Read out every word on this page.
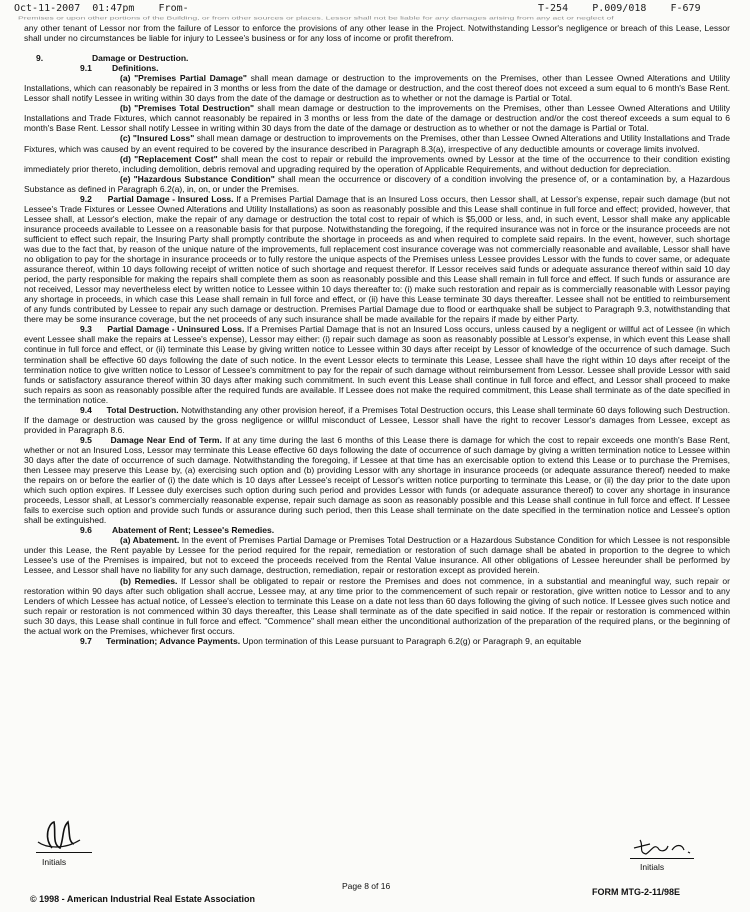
Oct-11-2007 01:47pm From-	T-254 P.009/018 F-679
Premises or upon other portions of the Building, or from other sources or places. Lessor shall not be liable for any damages arising from any act or neglect of

any other tenant of Lessor nor from the failure of Lessor to enforce the provisions of any other lease in the Project. Notwithstanding Lessor's negligence or breach of this Lease, Lessor shall under no circumstances be liable for injury to Lessee's business or for any loss of income or profit therefrom.

9.	Damage or Destruction.

9.1 Definitions.

(a) "Premises Partial Damage" shall mean damage or destruction to the improvements on the Premises, other than Lessee Owned Alterations and Utility Installations, which can reasonably be repaired in 3 months or less from the date of the damage or destruction, and the cost thereof does not exceed a sum equal to 6 month's Base Rent. Lessor shall notify Lessee in writing within 30 days from the date of the damage or destruction as to whether or not the damage is Partial or Total.

(b) "Premises Total Destruction" shall mean damage or destruction to the improvements on the Premises, other than Lessee Owned Alterations and Utility Installations and Trade Fixtures, which cannot reasonably be repaired in 3 months or less from the date of the damage or destruction and/or the cost thereof exceeds a sum equal to 6 month's Base Rent. Lessor shall notify Lessee in writing within 30 days from the date of the damage or destruction as to whether or not the damage is Partial or Total.

(c) "Insured Loss" shall mean damage or destruction to improvements on the Premises, other than Lessee Owned Alterations and Utility Installations and Trade Fixtures, which was caused by an event required to be covered by the insurance described in Paragraph 8.3(a), irrespective of any deductible amounts or coverage limits involved.

(d) "Replacement Cost" shall mean the cost to repair or rebuild the improvements owned by Lessor at the time of the occurrence to their condition existing immediately prior thereto, including demolition, debris removal and upgrading required by the operation of Applicable Requirements, and without deduction for depreciation.

(e) "Hazardous Substance Condition" shall mean the occurrence or discovery of a condition involving the presence of, or a contamination by, a Hazardous Substance as defined in Paragraph 6.2(a), in, on, or under the Premises.

9.2 Partial Damage - Insured Loss. If a Premises Partial Damage that is an Insured Loss occurs, then Lessor shall, at Lessor's expense, repair such damage (but not Lessee's Trade Fixtures or Lessee Owned Alterations and Utility Installations) as soon as reasonably possible and this Lease shall continue in full force and effect; provided, however, that Lessee shall, at Lessor's election, make the repair of any damage or destruction the total cost to repair of which is $5,000 or less, and, in such event, Lessor shall make any applicable insurance proceeds available to Lessee on a reasonable basis for that purpose. Notwithstanding the foregoing, if the required insurance was not in force or the insurance proceeds are not sufficient to effect such repair, the Insuring Party shall promptly contribute the shortage in proceeds as and when required to complete said repairs. In the event, however, such shortage was due to the fact that, by reason of the unique nature of the improvements, full replacement cost insurance coverage was not commercially reasonable and available, Lessor shall have no obligation to pay for the shortage in insurance proceeds or to fully restore the unique aspects of the Premises unless Lessee provides Lessor with the funds to cover same, or adequate assurance thereof, within 10 days following receipt of written notice of such shortage and request therefor. If Lessor receives said funds or adequate assurance thereof within said 10 day period, the party responsible for making the repairs shall complete them as soon as reasonably possible and this Lease shall remain in full force and effect. If such funds or assurance are not received, Lessor may nevertheless elect by written notice to Lessee within 10 days thereafter to: (i) make such restoration and repair as is commercially reasonable with Lessor paying any shortage in proceeds, in which case this Lease shall remain in full force and effect, or (ii) have this Lease terminate 30 days thereafter. Lessee shall not be entitled to reimbursement of any funds contributed by Lessee to repair any such damage or destruction. Premises Partial Damage due to flood or earthquake shall be subject to Paragraph 9.3, notwithstanding that there may be some insurance coverage, but the net proceeds of any such insurance shall be made available for the repairs if made by either Party.

9.3 Partial Damage - Uninsured Loss. If a Premises Partial Damage that is not an Insured Loss occurs, unless caused by a negligent or willful act of Lessee (in which event Lessee shall make the repairs at Lessee's expense), Lessor may either: (i) repair such damage as soon as reasonably possible at Lessor's expense, in which event this Lease shall continue in full force and effect, or (ii) terminate this Lease by giving written notice to Lessee within 30 days after receipt by Lessor of knowledge of the occurrence of such damage. Such termination shall be effective 60 days following the date of such notice. In the event Lessor elects to terminate this Lease, Lessee shall have the right within 10 days after receipt of the termination notice to give written notice to Lessor of Lessee's commitment to pay for the repair of such damage without reimbursement from Lessor. Lessee shall provide Lessor with said funds or satisfactory assurance thereof within 30 days after making such commitment. In such event this Lease shall continue in full force and effect, and Lessor shall proceed to make such repairs as soon as reasonably possible after the required funds are available. If Lessee does not make the required commitment, this Lease shall terminate as of the date specified in the termination notice.

9.4 Total Destruction. Notwithstanding any other provision hereof, if a Premises Total Destruction occurs, this Lease shall terminate 60 days following such Destruction. If the damage or destruction was caused by the gross negligence or willful misconduct of Lessee, Lessor shall have the right to recover Lessor's damages from Lessee, except as provided in Paragraph 8.6.

9.5 Damage Near End of Term. If at any time during the last 6 months of this Lease there is damage for which the cost to repair exceeds one month's Base Rent, whether or not an Insured Loss, Lessor may terminate this Lease effective 60 days following the date of occurrence of such damage by giving a written termination notice to Lessee within 30 days after the date of occurrence of such damage. Notwithstanding the foregoing, if Lessee at that time has an exercisable option to extend this Lease or to purchase the Premises, then Lessee may preserve this Lease by, (a) exercising such option and (b) providing Lessor with any shortage in insurance proceeds (or adequate assurance thereof) needed to make the repairs on or before the earlier of (i) the date which is 10 days after Lessee's receipt of Lessor's written notice purporting to terminate this Lease, or (ii) the day prior to the date upon which such option expires. If Lessee duly exercises such option during such period and provides Lessor with funds (or adequate assurance thereof) to cover any shortage in insurance proceeds, Lessor shall, at Lessor's commercially reasonable expense, repair such damage as soon as reasonably possible and this Lease shall continue in full force and effect. If Lessee fails to exercise such option and provide such funds or assurance during such period, then this Lease shall terminate on the date specified in the termination notice and Lessee's option shall be extinguished.

9.6 Abatement of Rent; Lessee's Remedies.

(a) Abatement. In the event of Premises Partial Damage or Premises Total Destruction or a Hazardous Substance Condition for which Lessee is not responsible under this Lease, the Rent payable by Lessee for the period required for the repair, remediation or restoration of such damage shall be abated in proportion to the degree to which Lessee's use of the Premises is impaired, but not to exceed the proceeds received from the Rental Value insurance. All other obligations of Lessee hereunder shall be performed by Lessee, and Lessor shall have no liability for any such damage, destruction, remediation, repair or restoration except as provided herein.

(b) Remedies. If Lessor shall be obligated to repair or restore the Premises and does not commence, in a substantial and meaningful way, such repair or restoration within 90 days after such obligation shall accrue, Lessee may, at any time prior to the commencement of such repair or restoration, give written notice to Lessor and to any Lenders of which Lessee has actual notice, of Lessee's election to terminate this Lease on a date not less than 60 days following the giving of such notice. If Lessee gives such notice and such repair or restoration is not commenced within 30 days thereafter, this Lease shall terminate as of the date specified in said notice. If the repair or restoration is commenced within such 30 days, this Lease shall continue in full force and effect. "Commence" shall mean either the unconditional authorization of the preparation of the required plans, or the beginning of the actual work on the Premises, whichever first occurs.

9.7 Termination; Advance Payments. Upon termination of this Lease pursuant to Paragraph 6.2(g) or Paragraph 9, an equitable

Initials	Initials
Page 8 of 16
© 1998 - American Industrial Real Estate Association
FORM MTG-2-11/98E
